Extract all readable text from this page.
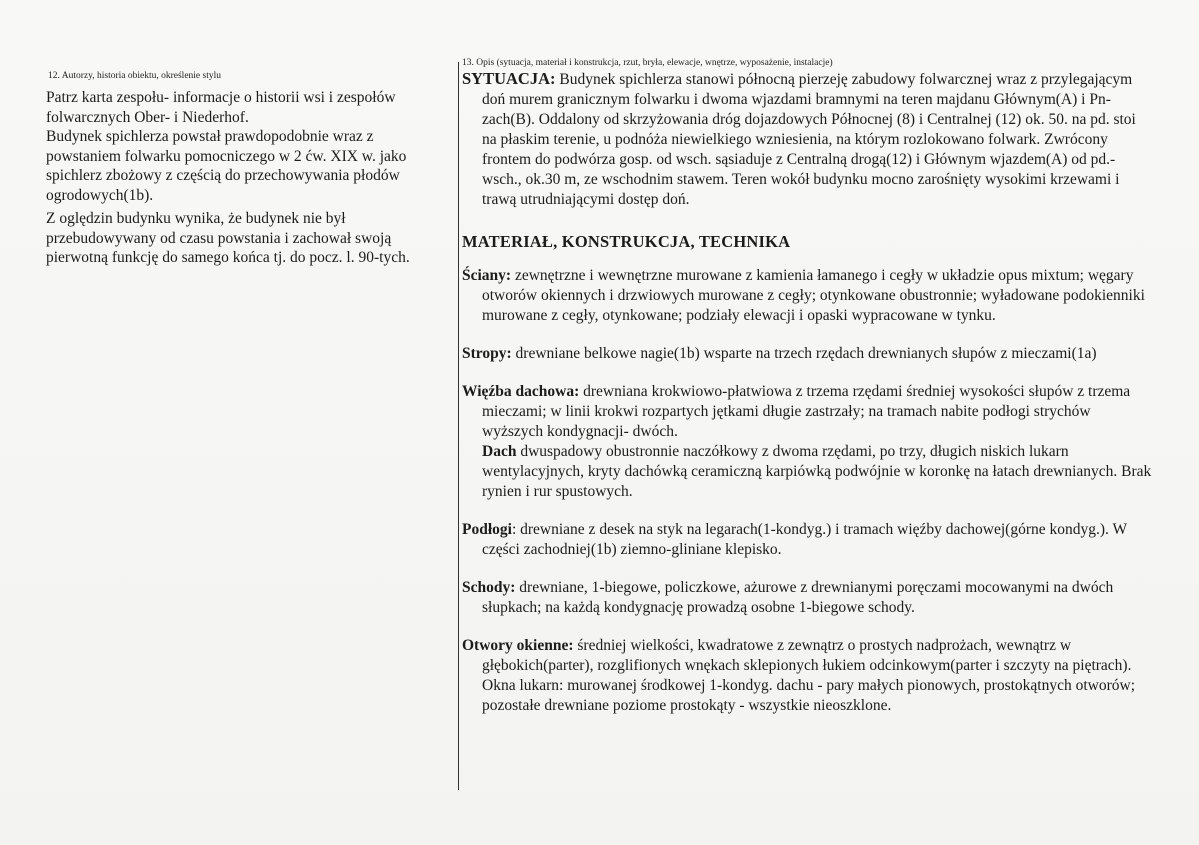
12. Autorzy, historia obiektu, określenie stylu

Patrz karta zespołu- informacje o historii wsi i zespołów folwarcznych Ober- i Niederhof.
Budynek spichlerza powstał prawdopodobnie wraz z powstaniem folwarku pomocniczego w 2 ćw. XIX w. jako spichlerz zbożowy z częścią do przechowywania płodów ogrodowych(1b).

Z oględzin budynku wynika, że budynek nie był przebudowywany od czasu powstania i zachował swoją pierwotną funkcję do samego końca tj. do pocz. l. 90-tych.

13. Opis (sytuacja, materiał i konstrukcja, rzut, bryła, elewacje, wnętrze, wyposażenie, instalacje)

SYTUACJA: Budynek spichlerza stanowi północną pierzeję zabudowy folwarcznej wraz z przylegającym doń murem granicznym folwarku i dwoma wjazdami bramnymi na teren majdanu Głównym(A) i Pn-zach(B). Oddalony od skrzyżowania dróg dojazdowych Północnej (8) i Centralnej (12) ok. 50. na pd. stoi na płaskim terenie, u podnóża niewielkiego wzniesienia, na którym rozlokowano folwark. Zwrócony frontem do podwórza gosp. od wsch. sąsiaduje z Centralną drogą(12) i Głównym wjazdem(A) od pd.-wsch., ok.30 m, ze wschodnim stawem. Teren wokół budynku mocno zarośnięty wysokimi krzewami i trawą utrudniającymi dostęp doń.

MATERIAŁ, KONSTRUKCJA, TECHNIKA

Ściany: zewnętrzne i wewnętrzne murowane z kamienia łamanego i cegły w układzie opus mixtum; węgary otworów okiennych i drzwiowych murowane z cegły; otynkowane obustronnie; wyładowane podokienniki murowane z cegły, otynkowane; podziały elewacji i opaski wypracowane w tynku.

Stropy: drewniane belkowe nagie(1b) wsparte na trzech rzędach drewnianych słupów z mieczami(1a)

Więźba dachowa: drewniana krokwiowo-płatwiowa z trzema rzędami średniej wysokości słupów z trzema mieczami; w linii krokwi rozpartych jętkami długie zastrzały; na tramach nabite podłogi strychów wyższych kondygnacji- dwóch.

Dach dwuspadowy obustronnie naczółkowy z dwoma rzędami, po trzy, długich niskich lukarn wentylacyjnych, kryty dachówką ceramiczną karpiówką podwójnie w koronkę na łatach drewnianych. Brak rynien i rur spustowych.

Podłogi: drewniane z desek na styk na legarach(1-kondyg.) i tramach więźby dachowej(górne kondyg.). W części zachodniej(1b) ziemno-gliniane klepisko.

Schody: drewniane, 1-biegowe, policzkowe, ażurowe z drewnianymi poręczami mocowanymi na dwóch słupkach; na każdą kondygnację prowadzą osobne 1-biegowe schody.

Otwory okienne: średniej wielkości, kwadratowe z zewnątrz o prostych nadprożach, wewnątrz w głębokich(parter), rozglifionych wnękach sklepionych łukiem odcinkowym(parter i szczyty na piętrach). Okna lukarn: murowanej środkowej 1-kondyg. dachu - pary małych pionowych, prostokątnych otworów; pozostałe drewniane poziome prostokąty - wszystkie nieoszklone.
